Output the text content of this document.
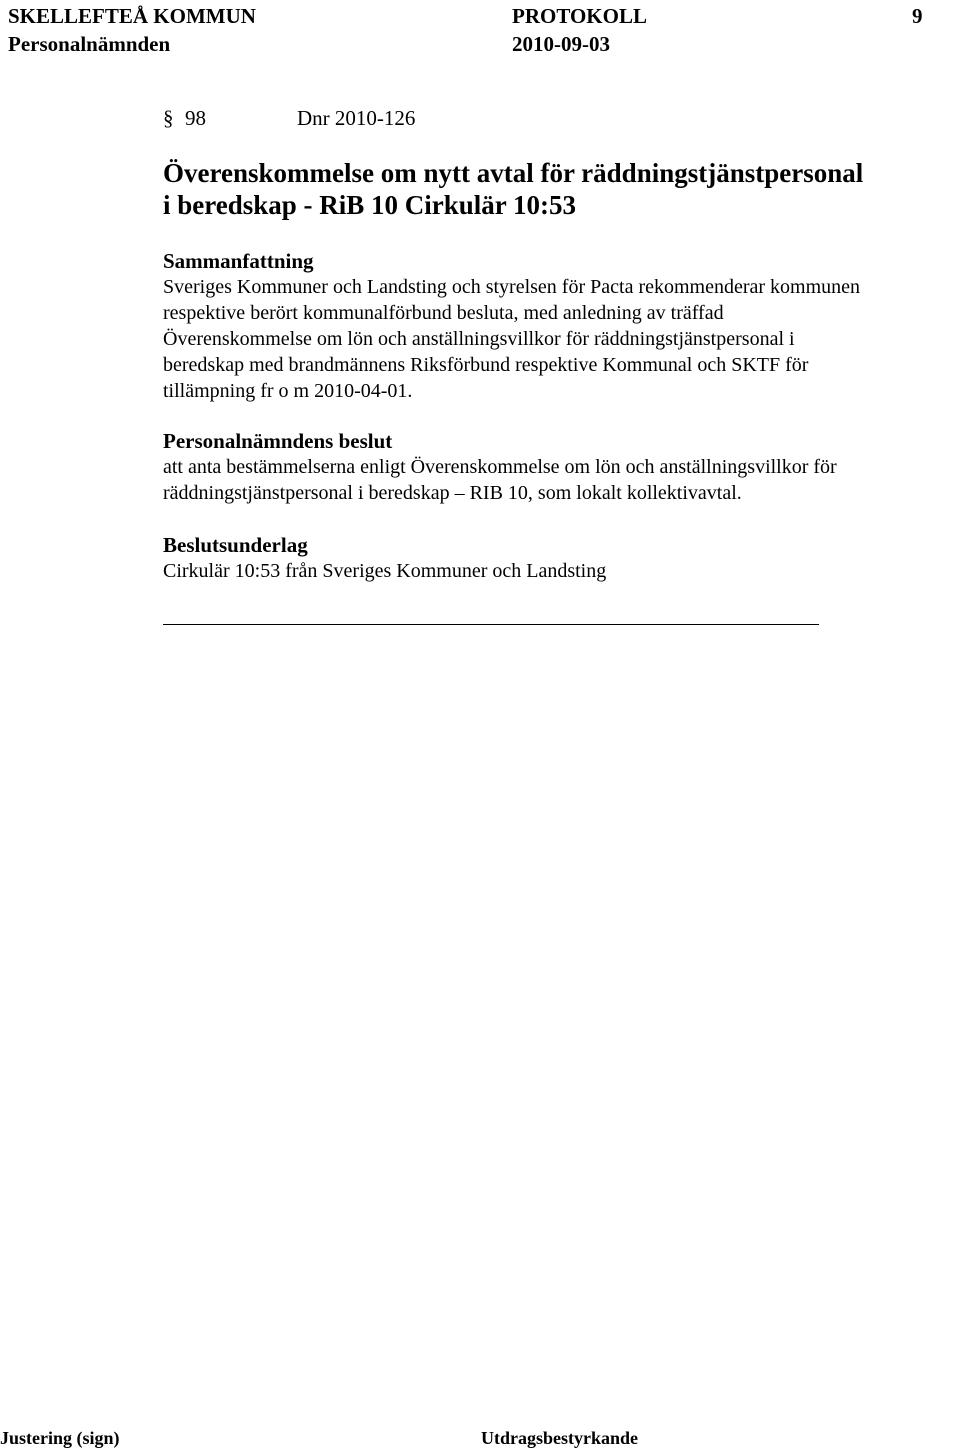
SKELLEFTEÅ KOMMUN	PROTOKOLL	9
Personalnämnden	2010-09-03
§ 98	Dnr 2010-126
Överenskommelse om nytt avtal för räddningstjänstpersonal
i beredskap - RiB 10 Cirkulär 10:53
Sammanfattning
Sveriges Kommuner och Landsting och styrelsen för Pacta rekommenderar kommunen
respektive berört kommunalförbund besluta, med anledning av träffad
Överenskommelse om lön och anställningsvillkor för räddningstjänstpersonal i
beredskap med brandmännens Riksförbund respektive Kommunal och SKTF för
tillämpning fr o m 2010-04-01.
Personalnämndens beslut
att anta bestämmelserna enligt Överenskommelse om lön och anställningsvillkor för
räddningstjänstpersonal i beredskap – RIB 10, som lokalt kollektivavtal.
Beslutsunderlag
Cirkulär 10:53 från Sveriges Kommuner och Landsting
Justering (sign)	Utdragsbestyrkande
